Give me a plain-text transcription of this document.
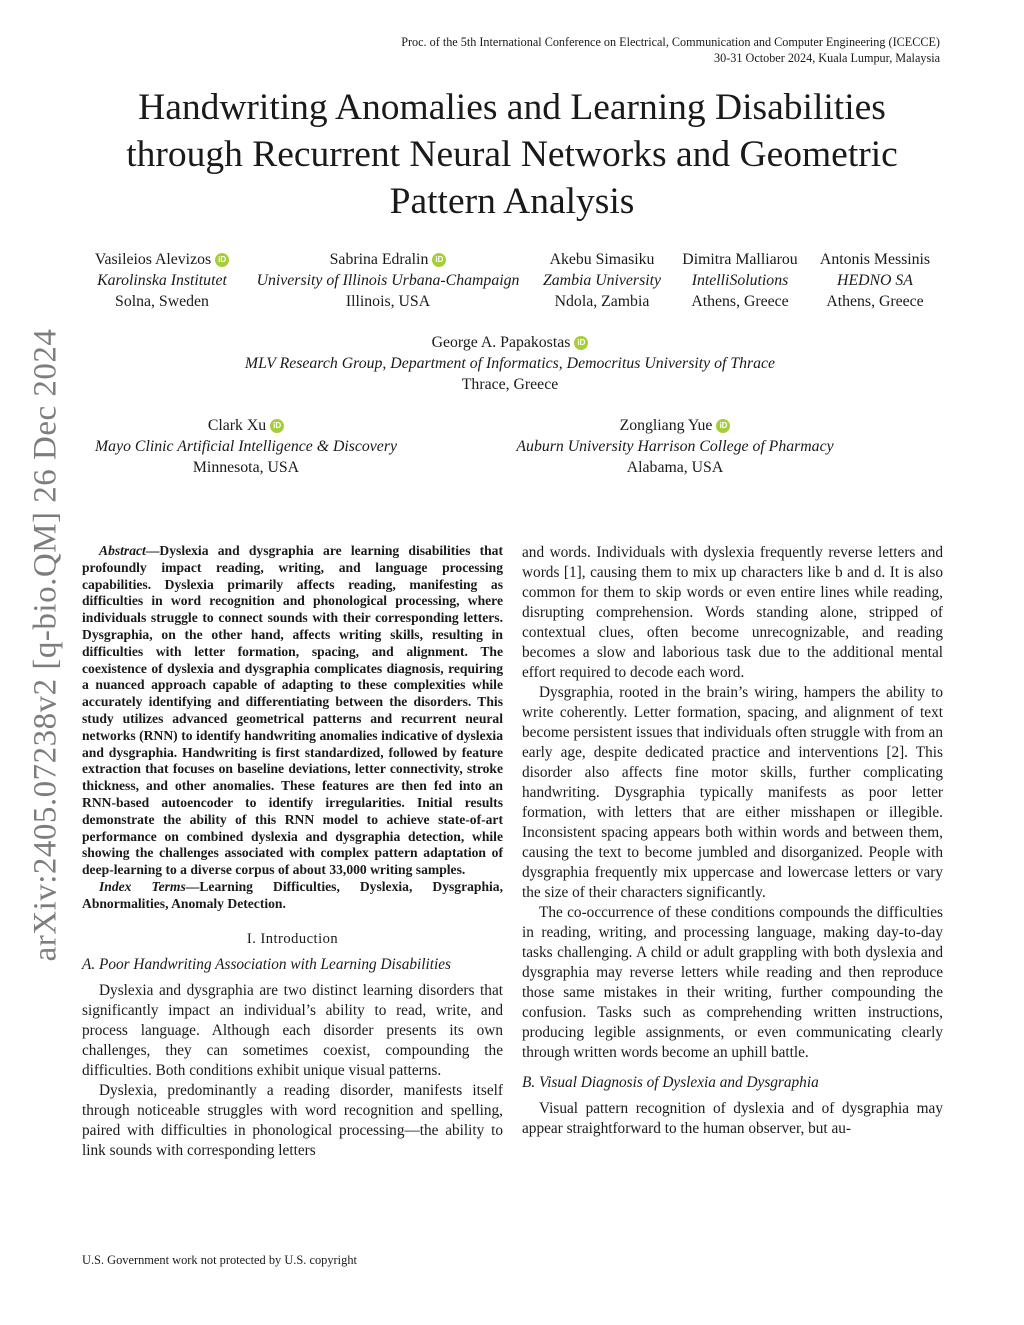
Proc. of the 5th International Conference on Electrical, Communication and Computer Engineering (ICECCE)
30-31 October 2024, Kuala Lumpur, Malaysia
Handwriting Anomalies and Learning Disabilities
through Recurrent Neural Networks and Geometric
Pattern Analysis
Vasileios Alevizos iD
Karolinska Institutet
Solna, Sweden
Sabrina Edralin iD
University of Illinois Urbana-Champaign
Illinois, USA
Akebu Simasiku
Zambia University
Ndola, Zambia
Dimitra Malliarou
IntelliSolutions
Athens, Greece
Antonis Messinis
HEDNO SA
Athens, Greece
George A. Papakostas iD
MLV Research Group, Department of Informatics, Democritus University of Thrace
Thrace, Greece
Clark Xu iD
Mayo Clinic Artificial Intelligence & Discovery
Minnesota, USA
Zongliang Yue iD
Auburn University Harrison College of Pharmacy
Alabama, USA
arXiv:2405.07238v2 [q-bio.QM] 26 Dec 2024	Abstract—Dyslexia and dysgraphia are learning disabilities that profoundly impact reading, writing, and language processing capabilities. Dyslexia primarily affects reading, manifesting as difficulties in word recognition and phonological processing, where individuals struggle to connect sounds with their corresponding letters. Dysgraphia, on the other hand, affects writing skills, resulting in difficulties with letter formation, spacing, and alignment. The coexistence of dyslexia and dysgraphia complicates diagnosis, requiring a nuanced approach capable of adapting to these complexities while accurately identifying and differentiating between the disorders. This study utilizes advanced geometrical patterns and recurrent neural networks (RNN) to identify handwriting anomalies indicative of dyslexia and dysgraphia. Handwriting is first standardized, followed by feature extraction that focuses on baseline deviations, letter connectivity, stroke thickness, and other anomalies. These features are then fed into an RNN-based autoencoder to identify irregularities. Initial results demonstrate the ability of this RNN model to achieve state-of-art performance on combined dyslexia and dysgraphia detection, while showing the challenges associated with complex pattern adaptation of deep-learning to a diverse corpus of about 33,000 writing samples.

Index Terms—Learning Difficulties, Dyslexia, Dysgraphia, Abnormalities, Anomaly Detection.

I. Introduction
A. Poor Handwriting Association with Learning Disabilities

Dyslexia and dysgraphia are two distinct learning disorders that significantly impact an individual’s ability to read, write, and process language. Although each disorder presents its own challenges, they can sometimes coexist, compounding the difficulties. Both conditions exhibit unique visual patterns.

Dyslexia, predominantly a reading disorder, manifests itself through noticeable struggles with word recognition and spelling, paired with difficulties in phonological processing—the ability to link sounds with corresponding letters

and words. Individuals with dyslexia frequently reverse letters and words [1], causing them to mix up characters like b and d. It is also common for them to skip words or even entire lines while reading, disrupting comprehension. Words standing alone, stripped of contextual clues, often become unrecognizable, and reading becomes a slow and laborious task due to the additional mental effort required to decode each word.

Dysgraphia, rooted in the brain’s wiring, hampers the ability to write coherently. Letter formation, spacing, and alignment of text become persistent issues that individuals often struggle with from an early age, despite dedicated practice and interventions [2]. This disorder also affects fine motor skills, further complicating handwriting. Dysgraphia typically manifests as poor letter formation, with letters that are either misshapen or illegible. Inconsistent spacing appears both within words and between them, causing the text to become jumbled and disorganized. People with dysgraphia frequently mix uppercase and lowercase letters or vary the size of their characters significantly.

The co-occurrence of these conditions compounds the difficulties in reading, writing, and processing language, making day-to-day tasks challenging. A child or adult grappling with both dyslexia and dysgraphia may reverse letters while reading and then reproduce those same mistakes in their writing, further compounding the confusion. Tasks such as comprehending written instructions, producing legible assignments, or even communicating clearly through written words become an uphill battle.

B. Visual Diagnosis of Dyslexia and Dysgraphia

Visual pattern recognition of dyslexia and of dysgraphia may appear straightforward to the human observer, but au-

U.S. Government work not protected by U.S. copyright
